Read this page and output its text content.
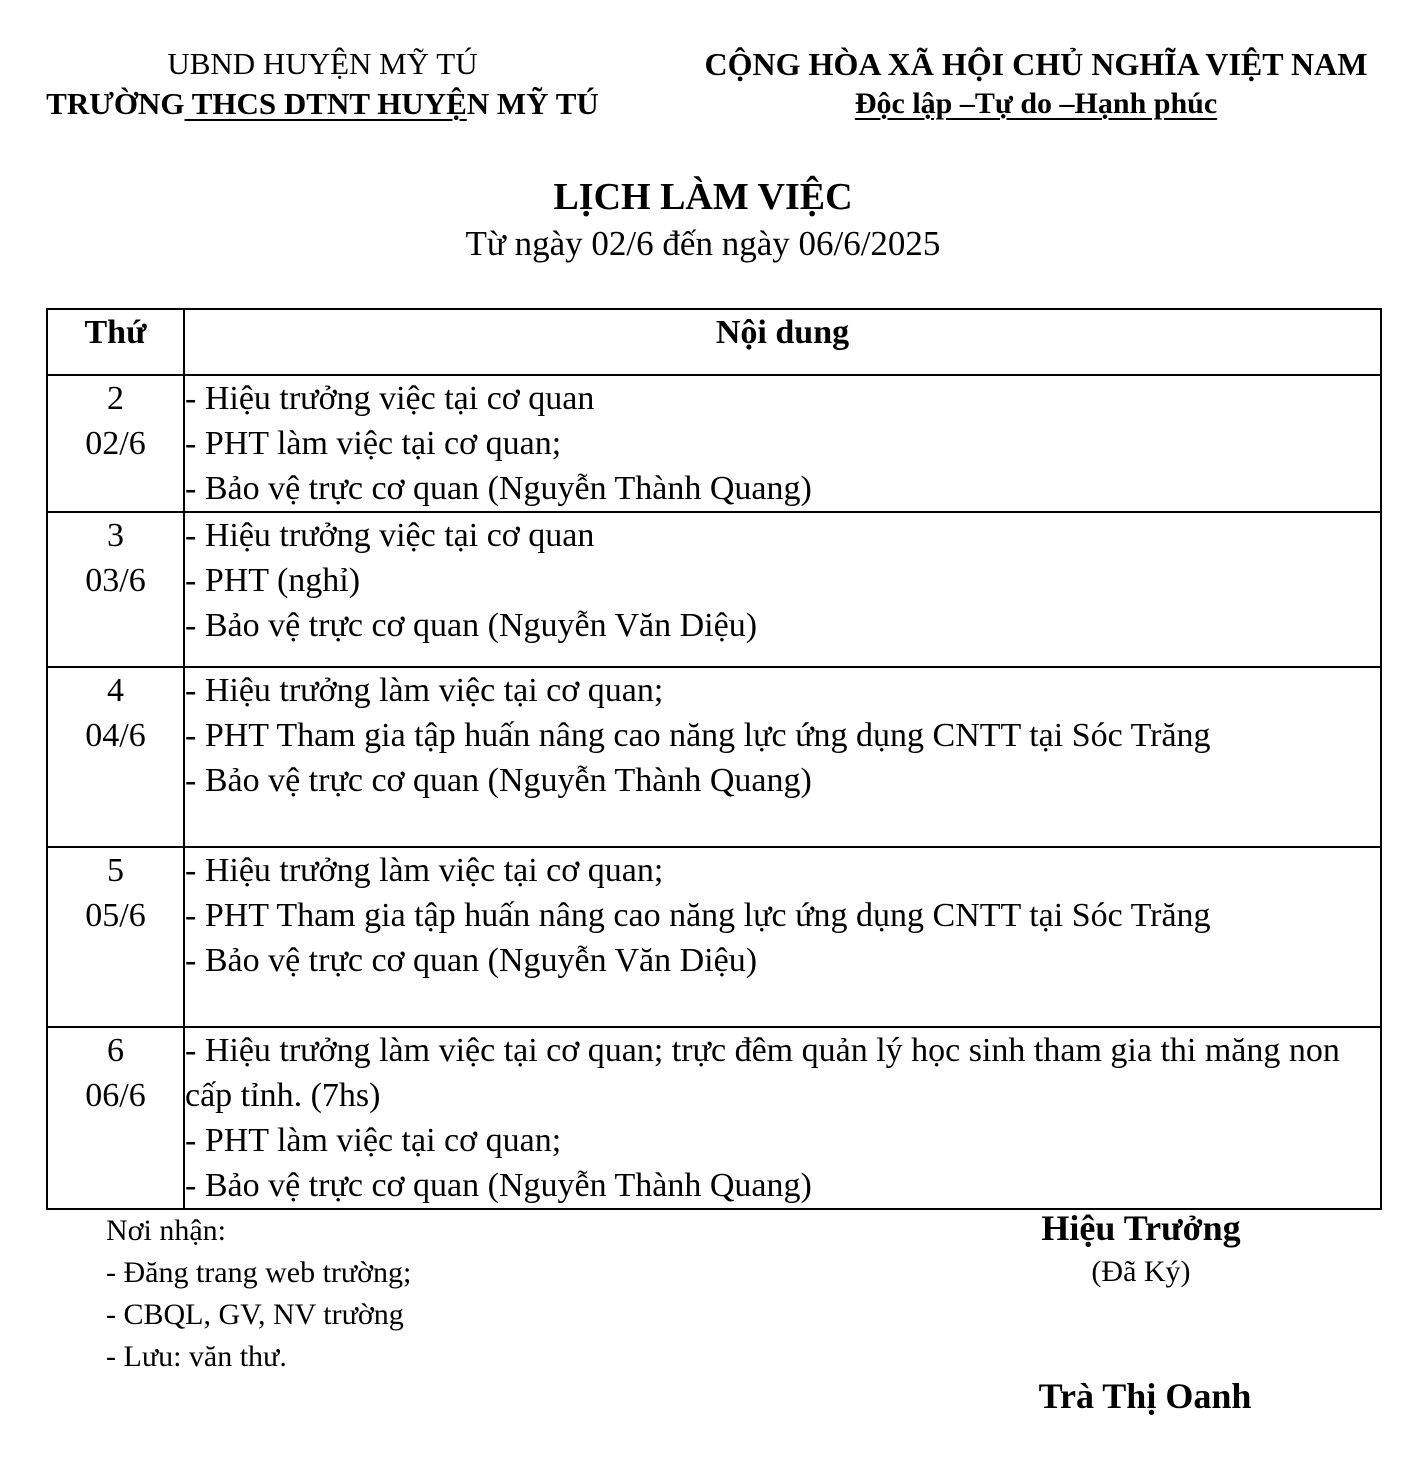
UBND HUYỆN MỸ TÚ
TRƯỜNG THCS DTNT HUYỆN MỸ TÚ
CỘNG HÒA XÃ HỘI CHỦ NGHĨA VIỆT NAM
Độc lập –Tự do –Hạnh phúc
LỊCH LÀM VIỆC
Từ ngày 02/6 đến ngày 06/6/2025
Thứ	Nội dung

2
02/6	- Hiệu trưởng việc tại cơ quan
- PHT làm việc tại cơ quan;
- Bảo vệ trực cơ quan (Nguyễn Thành Quang)

3
03/6	- Hiệu trưởng việc tại cơ quan
- PHT (nghỉ)
- Bảo vệ trực cơ quan (Nguyễn Văn Diệu)

4
04/6	- Hiệu trưởng làm việc tại cơ quan;
- PHT Tham gia tập huấn nâng cao năng lực ứng dụng CNTT tại Sóc Trăng
- Bảo vệ trực cơ quan (Nguyễn Thành Quang)

5
05/6	- Hiệu trưởng làm việc tại cơ quan;
- PHT Tham gia tập huấn nâng cao năng lực ứng dụng CNTT tại Sóc Trăng
- Bảo vệ trực cơ quan (Nguyễn Văn Diệu)

6
06/6	- Hiệu trưởng làm việc tại cơ quan; trực đêm quản lý học sinh tham gia thi măng non cấp tỉnh. (7hs)
- PHT làm việc tại cơ quan;
- Bảo vệ trực cơ quan (Nguyễn Thành Quang)
Nơi nhận:
- Đăng trang web trường;
- CBQL, GV, NV trường
- Lưu: văn thư.
Hiệu Trưởng
(Đã Ký)
Trà Thị Oanh
